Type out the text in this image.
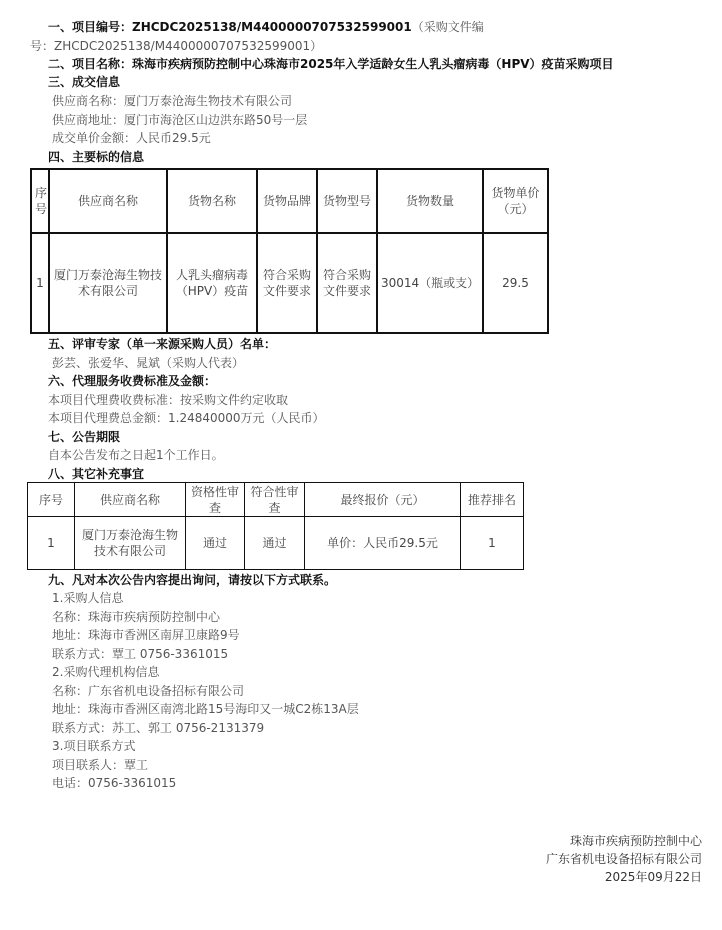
一、项目编号：ZHCDC2025138/M4400000707532599001（采购文件编
号：ZHCDC2025138/M4400000707532599001）
二、项目名称：珠海市疾病预防控制中心珠海市2025年入学适龄女生人乳头瘤病毒（HPV）疫苗采购项目
三、成交信息
供应商名称：厦门万泰沧海生物技术有限公司
供应商地址：厦门市海沧区山边洪东路50号一层
成交单价金额：人民币29.5元
四、主要标的信息
序号	供应商名称	货物名称	货物品牌	货物型号	货物数量	货物单价（元）
1	厦门万泰沧海生物技术有限公司	人乳头瘤病毒（HPV）疫苗	符合采购文件要求	符合采购文件要求	30014（瓶或支）	29.5
五、评审专家（单一来源采购人员）名单：
彭芸、张爱华、晁斌（采购人代表）
六、代理服务收费标准及金额：
本项目代理费收费标准：按采购文件约定收取
本项目代理费总金额：1.24840000万元（人民币）
七、公告期限
自本公告发布之日起1个工作日。
八、其它补充事宜
序号	供应商名称	资格性审查	符合性审查	最终报价（元）	推荐排名
1	厦门万泰沧海生物技术有限公司	通过	通过	单价：人民币29.5元	1
九、凡对本次公告内容提出询问，请按以下方式联系。
1.采购人信息
名称：珠海市疾病预防控制中心
地址：珠海市香洲区南屏卫康路9号
联系方式：覃工 0756-3361015
2.采购代理机构信息
名称：广东省机电设备招标有限公司
地址：珠海市香洲区南湾北路15号海印又一城C2栋13A层
联系方式：苏工、郭工 0756-2131379
3.项目联系方式
项目联系人：覃工
电话：0756-3361015
珠海市疾病预防控制中心
广东省机电设备招标有限公司
2025年09月22日
